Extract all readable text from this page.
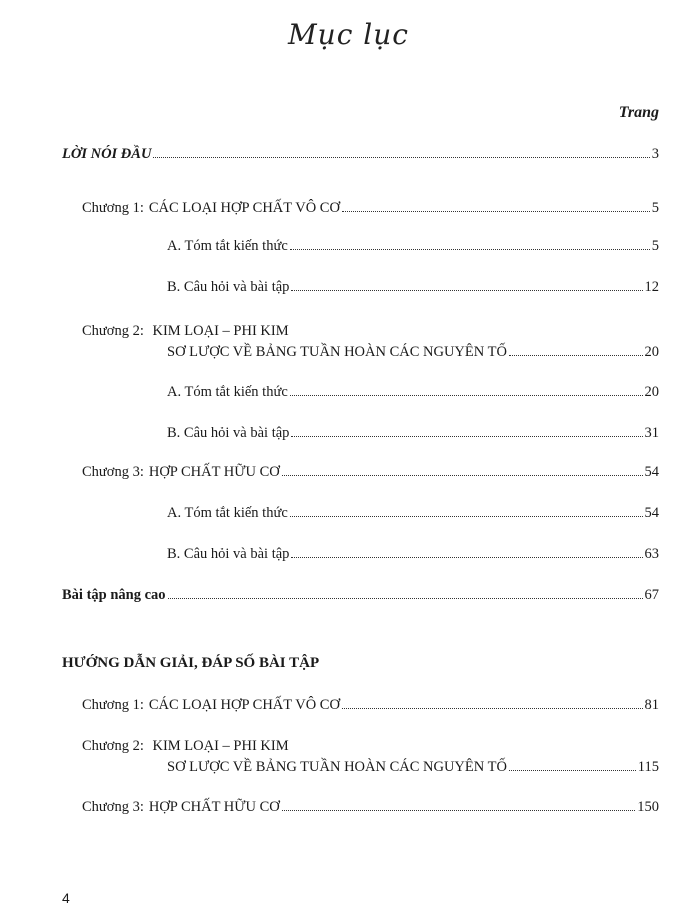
Mục lục
Trang
LỜI NÓI ĐẦU	3
Chương 1: CÁC LOẠI HỢP CHẤT VÔ CƠ	5
A. Tóm tắt kiến thức	5
B. Câu hỏi và bài tập	12
Chương 2: KIM LOẠI – PHI KIM
SƠ LƯỢC VỀ BẢNG TUẦN HOÀN CÁC NGUYÊN TỐ	20
A. Tóm tắt kiến thức	20
B. Câu hỏi và bài tập	31
Chương 3: HỢP CHẤT HỮU CƠ	54
A. Tóm tắt kiến thức	54
B. Câu hỏi và bài tập	63
Bài tập nâng cao	67
HƯỚNG DẪN GIẢI, ĐÁP SỐ BÀI TẬP
Chương 1: CÁC LOẠI HỢP CHẤT VÔ CƠ	81
Chương 2: KIM LOẠI – PHI KIM
SƠ LƯỢC VỀ BẢNG TUẦN HOÀN CÁC NGUYÊN TỐ	115
Chương 3: HỢP CHẤT HỮU CƠ	150
4
